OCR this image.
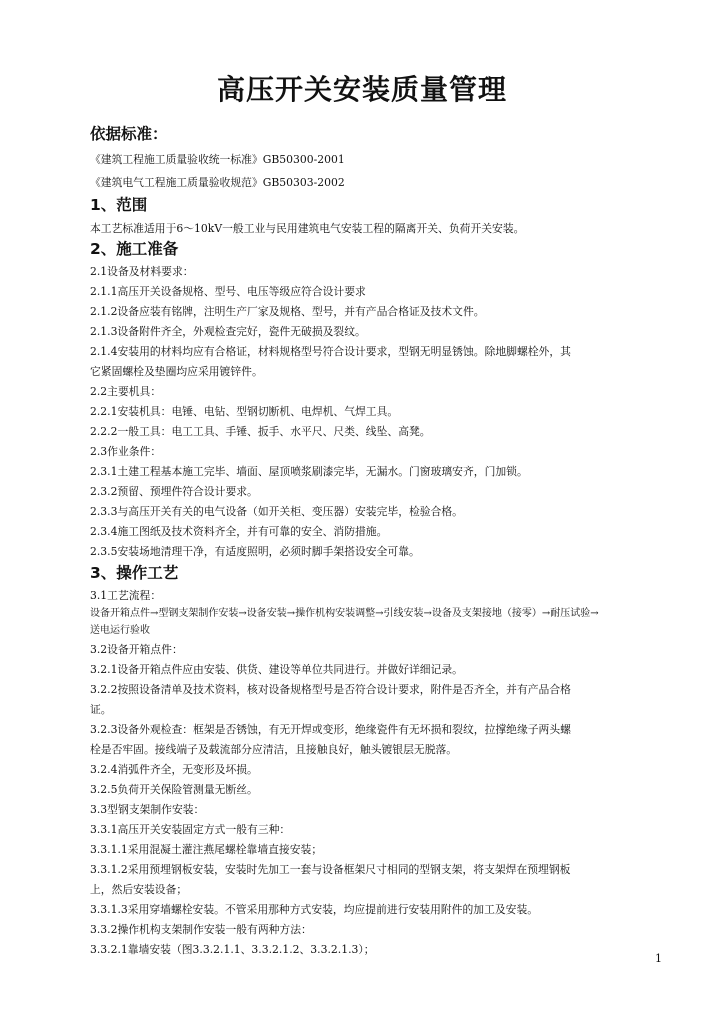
高压开关安装质量管理
依据标准：
《建筑工程施工质量验收统一标准》GB50300-2001
《建筑电气工程施工质量验收规范》GB50303-2002
1、范围
本工艺标准适用于6～10kV一般工业与民用建筑电气安装工程的隔离开关、负荷开关安装。
2、施工准备
2.1设备及材料要求：
2.1.1高压开关设备规格、型号、电压等级应符合设计要求
2.1.2设备应装有铭牌，注明生产厂家及规格、型号，并有产品合格证及技术文件。
2.1.3设备附件齐全，外观检查完好，瓷件无破损及裂纹。
2.1.4安装用的材料均应有合格证，材料规格型号符合设计要求，型钢无明显锈蚀。除地脚螺栓外，其
它紧固螺栓及垫圈均应采用镀锌件。
2.2主要机具：
2.2.1安装机具：电锤、电钻、型钢切断机、电焊机、气焊工具。
2.2.2一般工具：电工工具、手锤、扳手、水平尺、尺类、线坠、高凳。
2.3作业条件：
2.3.1土建工程基本施工完毕、墙面、屋顶喷浆刷漆完毕，无漏水。门窗玻璃安齐，门加锁。
2.3.2预留、预埋件符合设计要求。
2.3.3与高压开关有关的电气设备（如开关柜、变压器）安装完毕，检验合格。
2.3.4施工图纸及技术资料齐全，并有可靠的安全、消防措施。
2.3.5安装场地清理干净，有适度照明，必须时脚手架搭设安全可靠。
3、操作工艺
3.1工艺流程：
设备开箱点件→型钢支架制作安装→设备安装→操作机构安装调整→引线安装→设备及支架接地（接零）→耐压试验→
送电运行验收
3.2设备开箱点件：
3.2.1设备开箱点件应由安装、供货、建设等单位共同进行。并做好详细记录。
3.2.2按照设备清单及技术资料，核对设备规格型号是否符合设计要求，附件是否齐全，并有产品合格
证。
3.2.3设备外观检查：框架是否锈蚀，有无开焊或变形，绝缘瓷件有无坏损和裂纹，拉撑绝缘子两头螺
栓是否牢固。接线端子及载流部分应清洁，且接触良好，触头镀银层无脱落。
3.2.4消弧件齐全，无变形及坏损。
3.2.5负荷开关保险管测量无断丝。
3.3型钢支架制作安装：
3.3.1高压开关安装固定方式一般有三种：
3.3.1.1采用混凝土灌注燕尾螺栓靠墙直接安装；
3.3.1.2采用预埋钢板安装，安装时先加工一套与设备框架尺寸相同的型钢支架，将支架焊在预埋钢板
上，然后安装设备；
3.3.1.3采用穿墙螺栓安装。不管采用那种方式安装，均应提前进行安装用附件的加工及安装。
3.3.2操作机构支架制作安装一般有两种方法：
3.3.2.1靠墙安装（图3.3.2.1.1、3.3.2.1.2、3.3.2.1.3）；
1
